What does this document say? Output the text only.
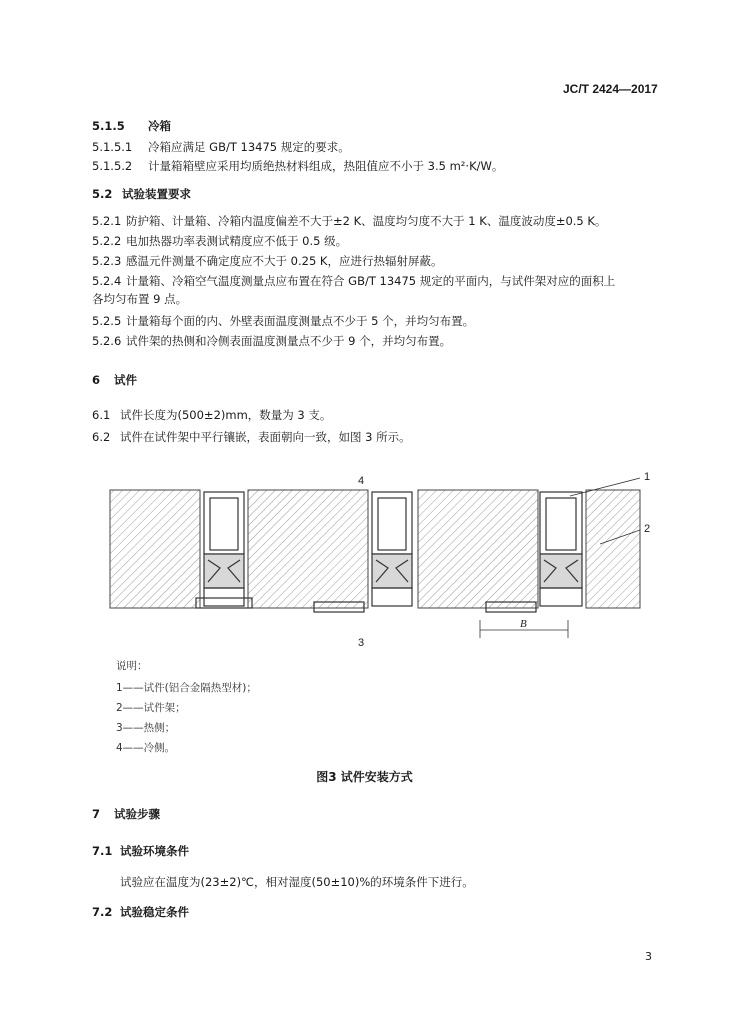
JC/T 2424—2017
5.1.5 冷箱
5.1.5.1 冷箱应满足 GB/T 13475 规定的要求。
5.1.5.2 计量箱箱壁应采用均质绝热材料组成，热阻值应不小于 3.5 m²·K/W。
5.2 试验装置要求
5.2.1 防护箱、计量箱、冷箱内温度偏差不大于±2 K、温度均匀度不大于 1 K、温度波动度±0.5 K。
5.2.2 电加热器功率表测试精度应不低于 0.5 级。
5.2.3 感温元件测量不确定度应不大于 0.25 K，应进行热辐射屏蔽。
5.2.4 计量箱、冷箱空气温度测量点应布置在符合 GB/T 13475 规定的平面内，与试件架对应的面积上
各均匀布置 9 点。
5.2.5 计量箱每个面的内、外壁表面温度测量点不少于 5 个，并均匀布置。
5.2.6 试件架的热侧和冷侧表面温度测量点不少于 9 个，并均匀布置。
6 试件
6.1 试件长度为(500±2)mm，数量为 3 支。
6.2 试件在试件架中平行镶嵌，表面朝向一致，如图 3 所示。
4	1
2
3
B
说明：
1——试件(铝合金隔热型材)；
2——试件架；
3——热侧；
4——冷侧。
图3 试件安装方式
7 试验步骤
7.1 试验环境条件
试验应在温度为(23±2)℃，相对湿度(50±10)%的环境条件下进行。
7.2 试验稳定条件
3
